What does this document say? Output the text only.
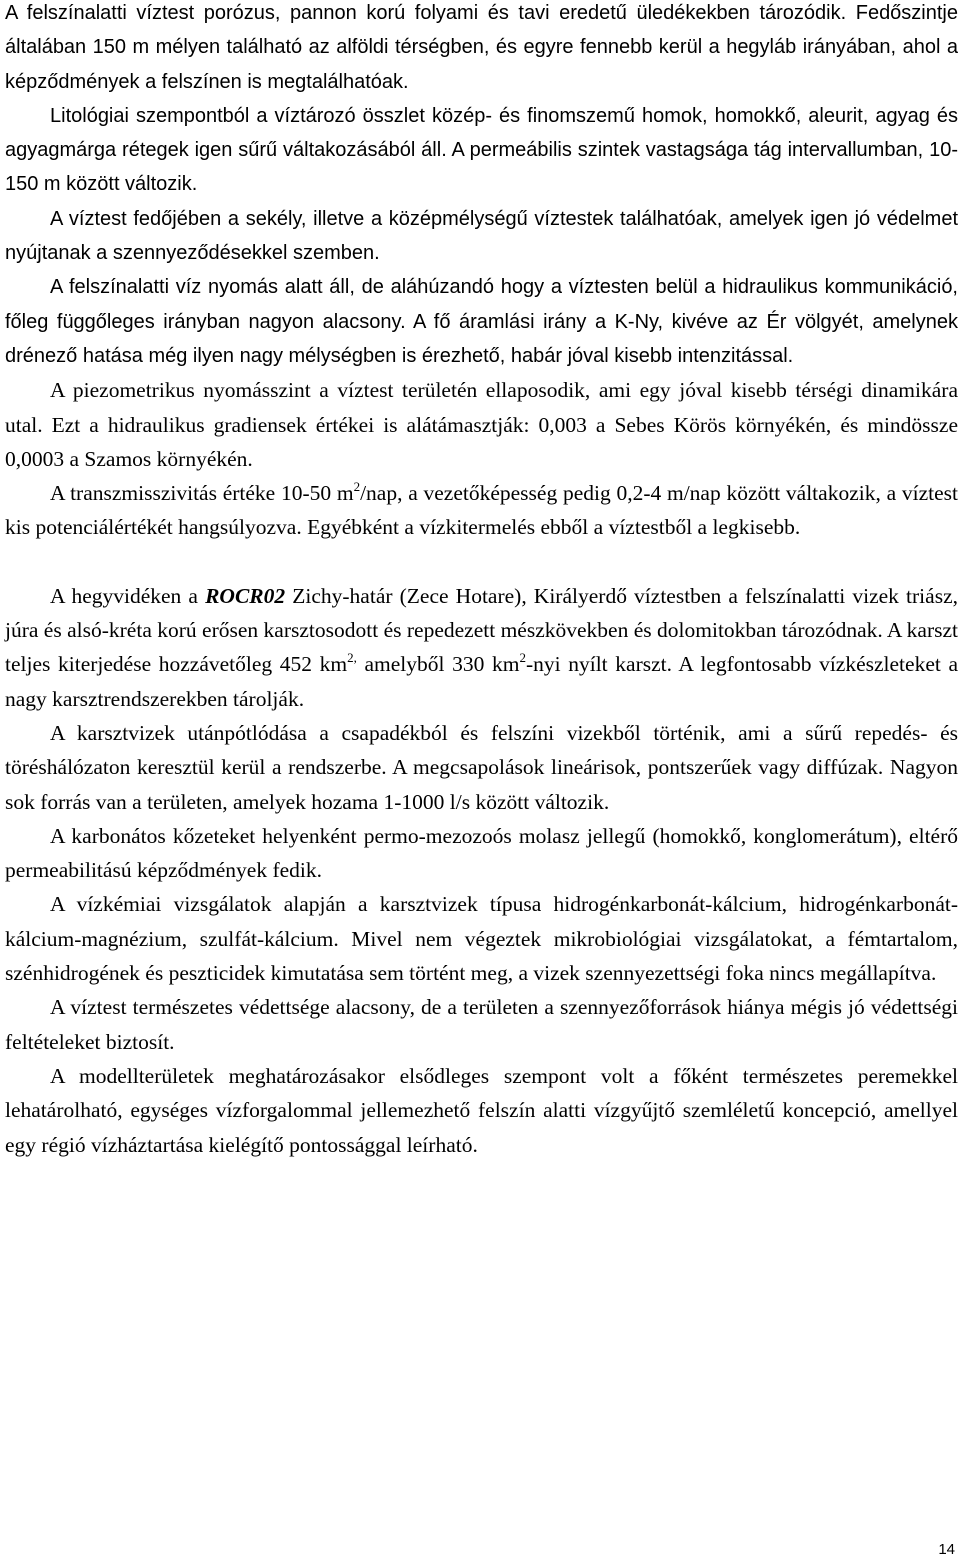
A felszínalatti víztest porózus, pannon korú folyami és tavi eredetű üledékekben tározódik. Fedőszintje általában 150 m mélyen található az alföldi térségben, és egyre fennebb kerül a hegyláb irányában, ahol a képződmények a felszínen is megtalálhatóak.

Litológiai szempontból a víztározó összlet közép- és finomszemű homok, homokkő, aleurit, agyag és agyagmárga rétegek igen sűrű váltakozásából áll. A permeábilis szintek vastagsága tág intervallumban, 10-150 m között változik.

A víztest fedőjében a sekély, illetve a középmélységű víztestek találhatóak, amelyek igen jó védelmet nyújtanak a szennyeződésekkel szemben.

A felszínalatti víz nyomás alatt áll, de aláhúzandó hogy a víztesten belül a hidraulikus kommunikáció, főleg függőleges irányban nagyon alacsony. A fő áramlási irány a K-Ny, kivéve az Ér völgyét, amelynek drénező hatása még ilyen nagy mélységben is érezhető, habár jóval kisebb intenzitással.

A piezometrikus nyomásszint a víztest területén ellaposodik, ami egy jóval kisebb térségi dinamikára utal. Ezt a hidraulikus gradiensek értékei is alátámasztják: 0,003 a Sebes Körös környékén, és mindössze 0,0003 a Szamos környékén.

A transzmisszivitás értéke 10-50 $m^2$/nap, a vezetőképesség pedig 0,2-4 m/nap között váltakozik, a víztest kis potenciálértékét hangsúlyozva. Egyébként a vízkitermelés ebből a víztestből a legkisebb.

A hegyvidéken a ROCR02 Zichy-határ (Zece Hotare), Királyerdő víztestben a felszínalatti vizek triász, júra és alsó-kréta korú erősen karsztosodott és repedezett mészkövekben és dolomitokban tározódnak. A karszt teljes kiterjedése hozzávetőleg 452 $km^{2,}$ amelyből 330 $km^2$-nyi nyílt karszt. A legfontosabb vízkészleteket a nagy karsztrendszerekben tárolják.

A karsztvizek utánpótlódása a csapadékból és felszíni vizekből történik, ami a sűrű repedés- és töréshálózaton keresztül kerül a rendszerbe. A megcsapolások lineárisok, pontszerűek vagy diffúzak. Nagyon sok forrás van a területen, amelyek hozama 1-1000 l/s között változik.

A karbonátos kőzeteket helyenként permo-mezozoós molasz jellegű (homokkő, konglomerátum), eltérő permeabilitású képződmények fedik.

A vízkémiai vizsgálatok alapján a karsztvizek típusa hidrogénkarbonát-kálcium, hidrogénkarbonát-kálcium-magnézium, szulfát-kálcium. Mivel nem végeztek mikrobiológiai vizsgálatokat, a fémtartalom, szénhidrogének és peszticidek kimutatása sem történt meg, a vizek szennyezettségi foka nincs megállapítva.

A víztest természetes védettsége alacsony, de a területen a szennyezőforrások hiánya mégis jó védettségi feltételeket biztosít.

A modellterületek meghatározásakor elsődleges szempont volt a főként természetes peremekkel lehatárolható, egységes vízforgalommal jellemezhető felszín alatti vízgyűjtő szemléletű koncepció, amellyel egy régió vízháztartása kielégítő pontossággal leírható.

14
